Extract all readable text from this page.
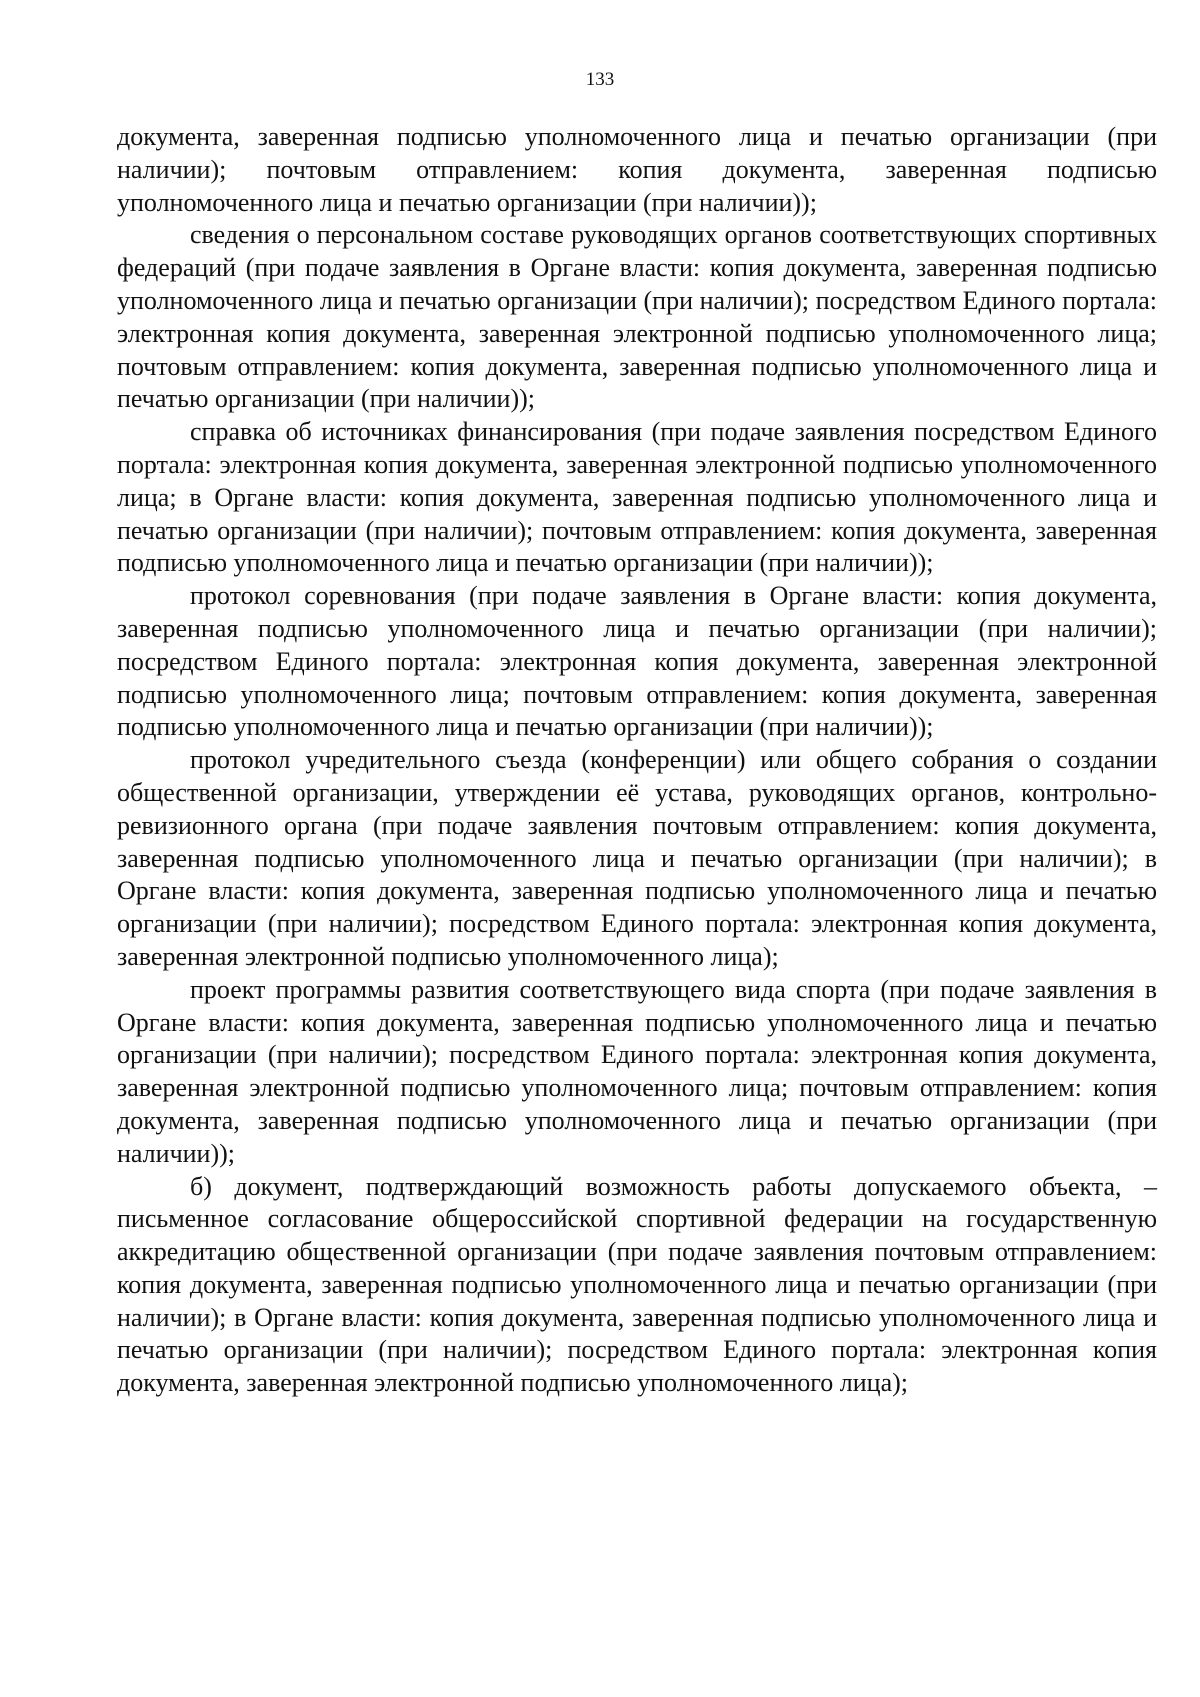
133

документа, заверенная подписью уполномоченного лица и печатью организации (при наличии); почтовым отправлением: копия документа, заверенная подписью уполномоченного лица и печатью организации (при наличии));

сведения о персональном составе руководящих органов соответствующих спортивных федераций (при подаче заявления в Органе власти: копия документа, заверенная подписью уполномоченного лица и печатью организации (при наличии); посредством Единого портала: электронная копия документа, заверенная электронной подписью уполномоченного лица; почтовым отправлением: копия документа, заверенная подписью уполномоченного лица и печатью организации (при наличии));

справка об источниках финансирования (при подаче заявления посредством Единого портала: электронная копия документа, заверенная электронной подписью уполномоченного лица; в Органе власти: копия документа, заверенная подписью уполномоченного лица и печатью организации (при наличии); почтовым отправлением: копия документа, заверенная подписью уполномоченного лица и печатью организации (при наличии));

протокол соревнования (при подаче заявления в Органе власти: копия документа, заверенная подписью уполномоченного лица и печатью организации (при наличии); посредством Единого портала: электронная копия документа, заверенная электронной подписью уполномоченного лица; почтовым отправлением: копия документа, заверенная подписью уполномоченного лица и печатью организации (при наличии));

протокол учредительного съезда (конференции) или общего собрания о создании общественной организации, утверждении её устава, руководящих органов, контрольно-ревизионного органа (при подаче заявления почтовым отправлением: копия документа, заверенная подписью уполномоченного лица и печатью организации (при наличии); в Органе власти: копия документа, заверенная подписью уполномоченного лица и печатью организации (при наличии); посредством Единого портала: электронная копия документа, заверенная электронной подписью уполномоченного лица);

проект программы развития соответствующего вида спорта (при подаче заявления в Органе власти: копия документа, заверенная подписью уполномоченного лица и печатью организации (при наличии); посредством Единого портала: электронная копия документа, заверенная электронной подписью уполномоченного лица; почтовым отправлением: копия документа, заверенная подписью уполномоченного лица и печатью организации (при наличии));

б) документ, подтверждающий возможность работы допускаемого объекта, – письменное согласование общероссийской спортивной федерации на государственную аккредитацию общественной организации (при подаче заявления почтовым отправлением: копия документа, заверенная подписью уполномоченного лица и печатью организации (при наличии); в Органе власти: копия документа, заверенная подписью уполномоченного лица и печатью организации (при наличии); посредством Единого портала: электронная копия документа, заверенная электронной подписью уполномоченного лица);
